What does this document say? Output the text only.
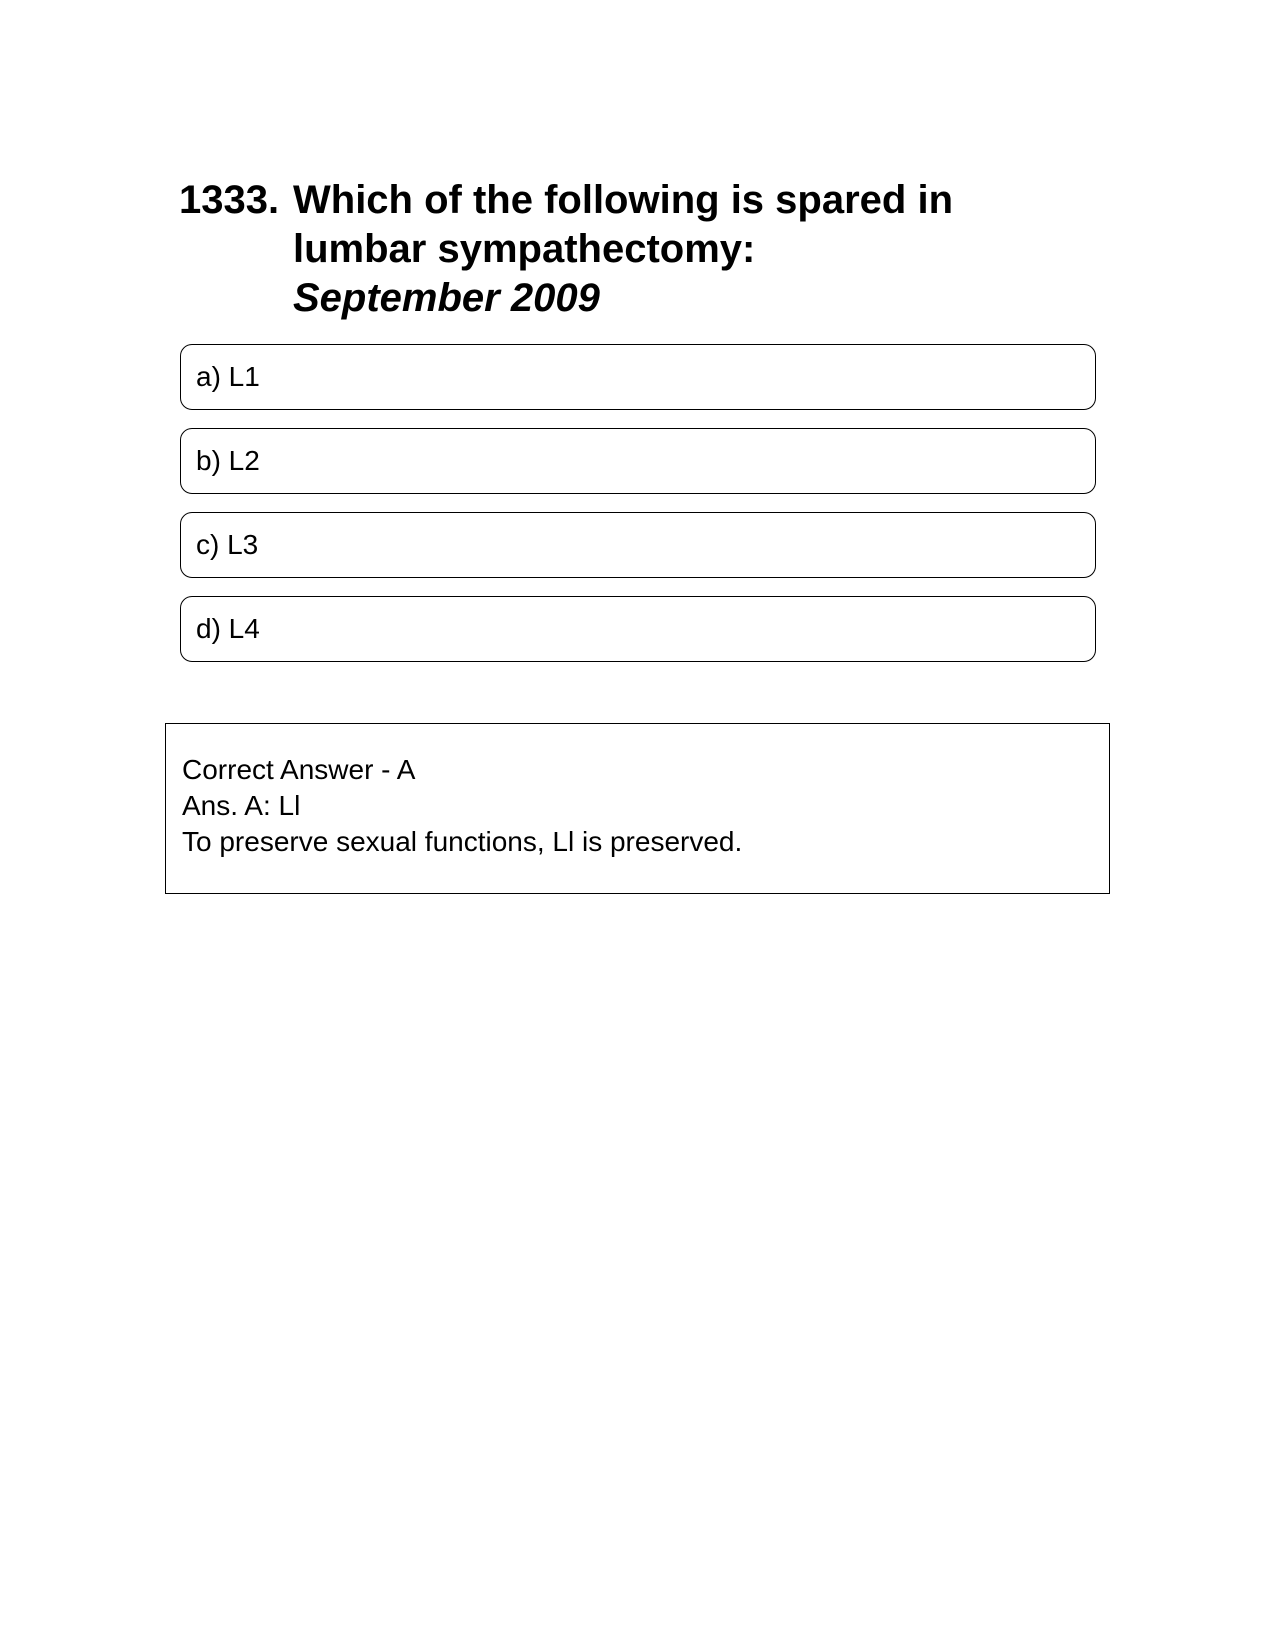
1333. Which of the following is spared in lumbar sympathectomy:
September 2009
a) L1
b) L2
c) L3
d) L4
Correct Answer - A
Ans. A: Ll
To preserve sexual functions, Ll is preserved.
